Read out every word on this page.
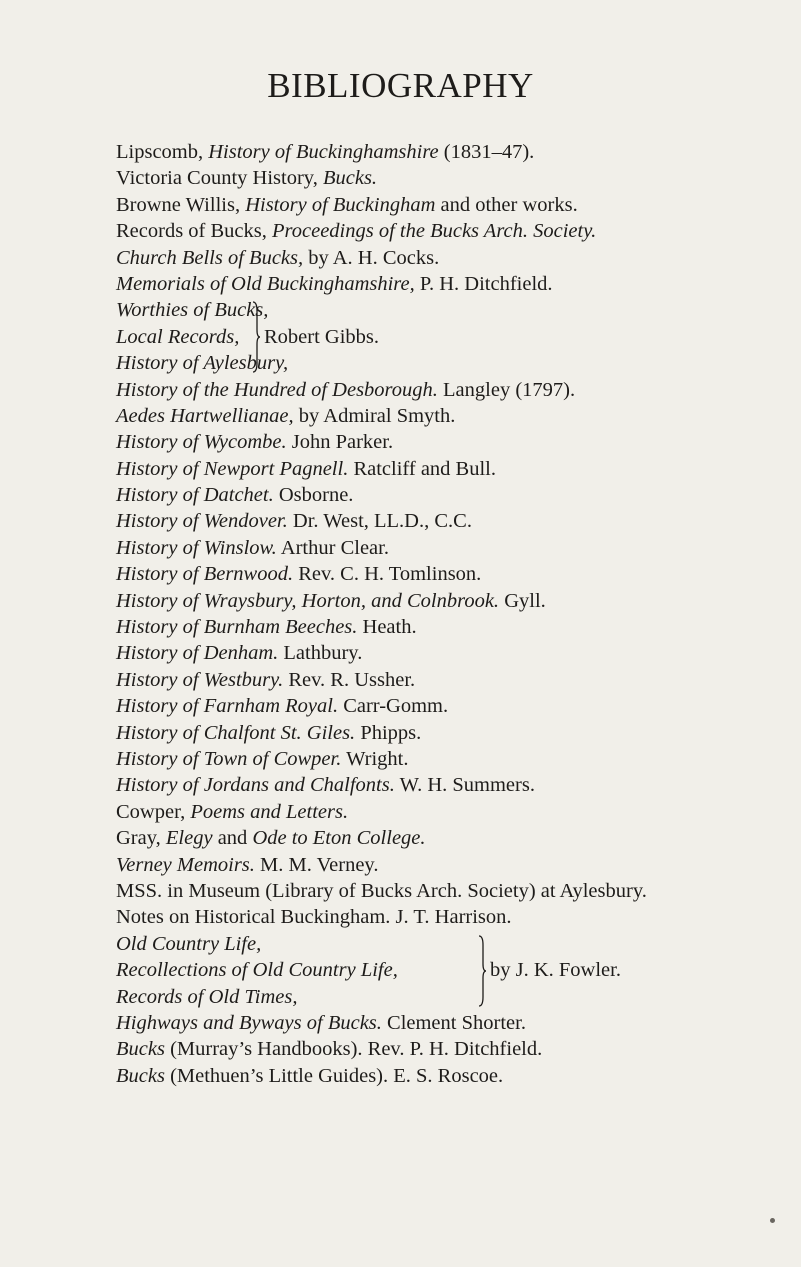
BIBLIOGRAPHY
Lipscomb, History of Buckinghamshire (1831–47).
Victoria County History, Bucks.
Browne Willis, History of Buckingham and other works.
Records of Bucks, Proceedings of the Bucks Arch. Society.
Church Bells of Bucks, by A. H. Cocks.
Memorials of Old Buckinghamshire, P. H. Ditchfield.
Worthies of Bucks,
Local Records,
History of Aylesbury,
Robert Gibbs.
History of the Hundred of Desborough. Langley (1797).
Aedes Hartwellianae, by Admiral Smyth.
History of Wycombe. John Parker.
History of Newport Pagnell. Ratcliff and Bull.
History of Datchet. Osborne.
History of Wendover. Dr. West, LL.D., C.C.
History of Winslow. Arthur Clear.
History of Bernwood. Rev. C. H. Tomlinson.
History of Wraysbury, Horton, and Colnbrook. Gyll.
History of Burnham Beeches. Heath.
History of Denham. Lathbury.
History of Westbury. Rev. R. Ussher.
History of Farnham Royal. Carr-Gomm.
History of Chalfont St. Giles. Phipps.
History of Town of Cowper. Wright.
History of Jordans and Chalfonts. W. H. Summers.
Cowper, Poems and Letters.
Gray, Elegy and Ode to Eton College.
Verney Memoirs. M. M. Verney.
MSS. in Museum (Library of Bucks Arch. Society) at Aylesbury.
Notes on Historical Buckingham. J. T. Harrison.
Old Country Life,
Recollections of Old Country Life,
Records of Old Times,
by J. K. Fowler.
Highways and Byways of Bucks. Clement Shorter.
Bucks (Murray’s Handbooks). Rev. P. H. Ditchfield.
Bucks (Methuen’s Little Guides). E. S. Roscoe.
